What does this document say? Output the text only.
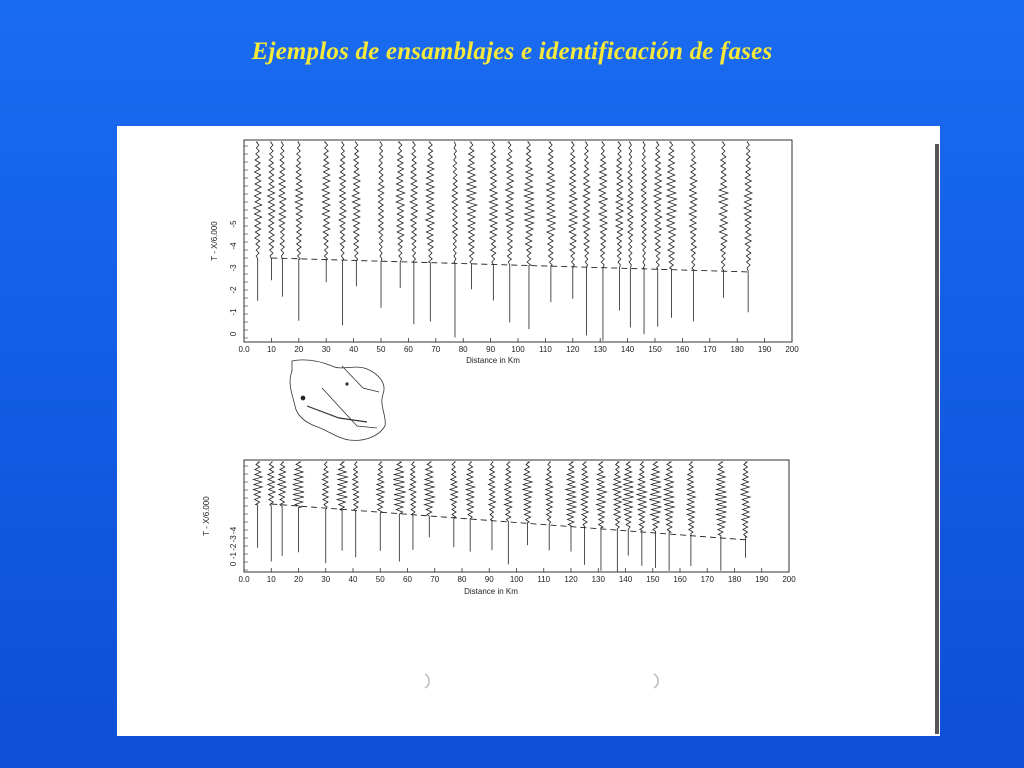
Ejemplos de ensamblajes e identificación de fases
0.0 10 20 30 40 50 60 70 80 90 100 110 120 130 140 150 160 170 180 190 200
-5
-4
-3
-2
-1
0
T - X/6.000
Distance in Km
0.0 10 20 30 40 50 60 70 80 90 100 110 120 130 140 150 160 170 180 190 200
-4
-3
-2
-1
0
T - X/6.000
Distance in Km
